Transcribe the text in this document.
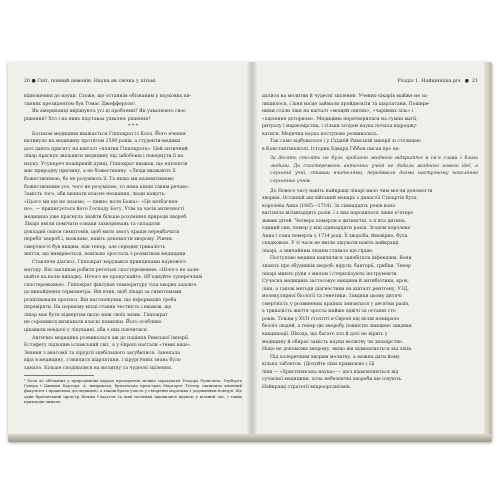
20 ● Світ, повний демонів. Наука як свічка у пітьмі

відношення до науки. Схоже, що останнім обізнаним у наукових пи-

таннях президентом був Томас Джефферсон¹.

Як американці вирішують усі ці проблеми? Як ухвалюють своє

рішення? Хто і на яких підставах ухвалює рішення?

* * *

Батьком медицини вважається Гіппократ із Коса. Його вчення

вплинуло на медицину протягом 2500 років, а студенти-медики

досі дають присягу на кшталт «клятви Гіппократа». Цей античний

лікар прагнув звільнити медицину від забобонів і повернути її на

науку. Усупереч поширеній думці, Гіппократ вважав, що епілепсія

має природну причину, а не божественну. «Люди вважають її

божественною, бо не розуміють її. Та якщо ми називатимемо

божественним усе, чого не розуміємо, то нема кінця таким речам».

Замість того, аби визнати власне незнання, люди кажуть:

«Цього ми ще не знаємо, — певно, воля Божа». «Це незбагнен-

но», — приписується його Господу Богу. Утім за часів античності

медицина уже прагнула знайти більше розуміння природи хвороб.

Лікарі вміли помічати ознаки захворювань та складали

докладні описи симптомів, щоб мати змогу краще передбачати

перебіг хвороб і, можливо, навіть допомогти хворому. Рівень

смертності був вищим, ніж тепер, але середня тривалість

життя, що вимірюється, повільно зростала з розвитком медицини

Ставлячи діагноз, Гіппократ керувався принципами наукового

методу. Він закликав робити ретельні спостереження: «Нічого не зали-

шайте на волю випадку. Нічого не пропускайте. Об’єднуйте суперечливі

спостереження». Гіппократ фіксував температуру тіла хворих задовго

до винайдення термометра. Він вчив, щоб лікарі за симптомами

розпізнавали прогноз. Він наголошував, що інформацію треба

перевіряти. На першому місці ставив честність і вважав, що

лікар має бути відвертим щодо меж своїх знань. Гіппократ

не соромився визнавати власні помилки. Його особливо

цікавили невдачі у лікуванні, аби з них повчитися.

Антична медицина розвивалася аж до падіння Римської імперії.

Естафету підхопив ісламський світ, а у Європі настали «темні віки».

Знання з анатомії та хірургії здебільшого загубилися. Занепала

віра в медицину, з’явилися шарлатани, і хірургічних знань було

замало. Більше сподівалися на молитву та чудесні зцілення.

¹ Хоча до обізнаних у природничих науках президентів можна зарахувати Теодора Рузвельта, Герберта Гувера і Джиммі Картера. А, наприклад, британська прем’єрка Маргарет Тетчер закінчила хімічний факультет і працювала дослідницею, а також брала участь у створенні морозива з додаванням повітря. Ще один британський прем’єр Вільям Гладстон та інші політики цікавилися наукою у вільний час, і таких прикладів чимало.

Розділ 1. Найцінніша річ ● 21

далися на молитви й чудесні зцілення. Учених-лікарів майже не за-

лишилося, і їхня місце займали пройдисвіти та шарлатани. Пошире-

ними стали ліки на кшталт «мощей святих», «чарівних зіль» і

«зцілення доторком». Медицина перетворилася на суміш магії,

ритуалу і марновірства, і тільки згодом наука почала відроджу-

ватися. Медична наука поступово розвивалась.

Так само відбувалося і у Східній Римській імперії зі столицею

в Константинополі. Історик Едвард Гіббон писав про це:

За десять століть не було зроблено жодного відкриття в ім’я слави і блага людини. До спостережень античних учені не додали жодного нового ідеї, а слухняні учні, ставши вчителями, передавали догми наступному поколінню слухняних учнів.

До Нового часу навіть найкращі лікарі мало чим могли допомогти

хворим. Останній англійський монарх з династії Стюартів була

королева Анна (1665—1714). За сімнадцять років вона

вагітніла вісімнадцять разів, і з них народилося лише п’ятеро

живих дітей. Четверо померли в дитинстві, а п’ята дитина,

єдиний син, помер у віці одинадцяти років. Згодом королева

Анна і сама померла у 1714 році. Її хвороба, ймовірно, була

спадковою. У ті часи не вміли лікувати навіть найкращі

лікарі, а звичайним людям ставало ще гірше.

Поступово медики навчилися запобігати інфекціям. Вони

знають про збудників хвороб: віруси, бактерії, грибки. Тепер

лікарі миють руки з милом і стерилізують інструменти.

Сучасна медицина застосовує вакцини й антибіотики, кров,

ліки, а також методи діагностики на кшталт рентгену, УЗД,

молекулярної біології та генетики. Завдяки цьому дитячі

смертність у розвинених країнах знизилася у десятки разів,

а тривалість життя зросла майже вдвічі за останні сто

років. Тільки у XVII столітті в Європі від віспи помирало

безліч людей, а тепер цю хворобу повністю знищено завдяки

вакцинації. Шкода, що багато хто й досі не вірить у

медицину й обирає замість науки молитву чи знахарство.

Ніщо не допоможе хворому, якщо він відмовляється від ліків.

Під холеричним хворим молитву, а можна дати йому

кілька таблеток. (Дозуйте ліки правильно.) Ці

ліки — «Християнська наука» — досі відмовляються від

сучасної медицини, хоча небезпечні хвороби ще існують.

Найкращі стратегії мікроорганізмів.
